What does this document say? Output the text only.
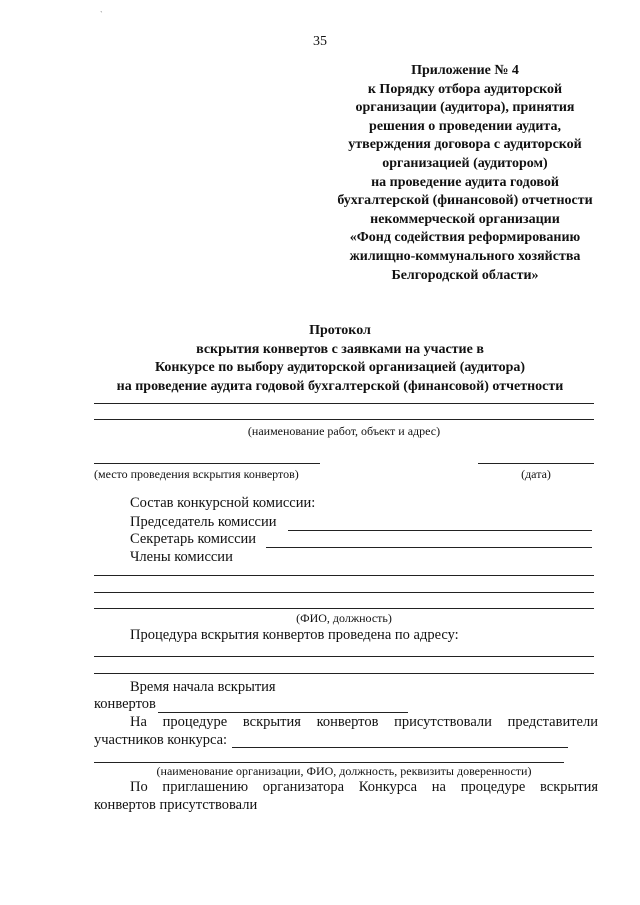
`
35
Приложение № 4
к Порядку отбора аудиторской
организации (аудитора), принятия
решения о проведении аудита,
утверждения договора с аудиторской
организацией (аудитором)
на проведение аудита годовой
бухгалтерской (финансовой) отчетности
некоммерческой организации
«Фонд содействия реформированию
жилищно-коммунального хозяйства
Белгородской области»
Протокол
вскрытия конвертов с заявками на участие в
Конкурсе по выбору аудиторской организацией (аудитора)
на проведение аудита годовой бухгалтерской (финансовой) отчетности
(наименование работ, объект и адрес)
(место проведения вскрытия конвертов)	(дата)
Состав конкурсной комиссии:
Председатель комиссии
Секретарь комиссии
Члены комиссии
(ФИО, должность)
Процедура вскрытия конвертов проведена по адресу:
Время начала вскрытия
конвертов
На процедуре вскрытия конвертов присутствовали представители
участников конкурса:
(наименование организации, ФИО, должность, реквизиты доверенности)
По приглашению организатора Конкурса на процедуре вскрытия
конвертов присутствовали
